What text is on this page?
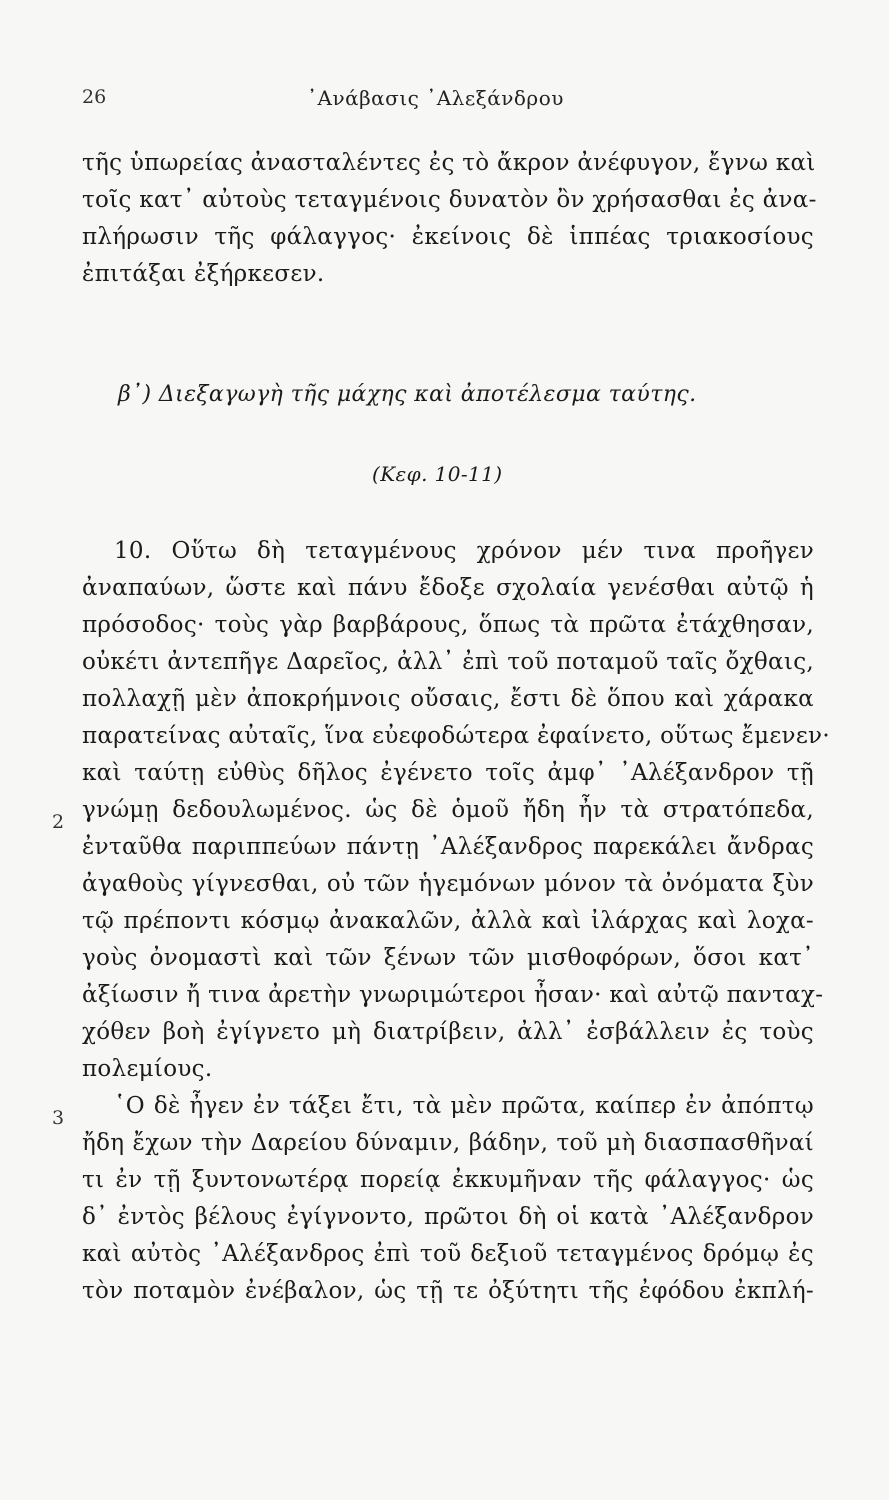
26	᾿Ανάβασις ᾿Αλεξάνδρου
τῆς ὑπωρείας ἀνασταλέντες ἐς τὸ ἄκρον ἀνέφυγον, ἔγνω καὶ
τοῖς κατ᾿ αὐτοὺς τεταγμένοις δυνατὸν ὂν χρήσασθαι ἐς ἀνα-
πλήρωσιν τῆς φάλαγγος· ἐκείνοις δὲ ἱππέας τριακοσίους
ἐπιτάξαι ἐξήρκεσεν.
β᾿) Διεξαγωγὴ τῆς μάχης καὶ ἀποτέλεσμα ταύτης.
(Κεφ. 10-11)
10. Οὕτω δὴ τεταγμένους χρόνον μέν τινα προῆγεν
ἀναπαύων, ὥστε καὶ πάνυ ἔδοξε σχολαία γενέσθαι αὐτῷ ἡ
πρόσοδος· τοὺς γὰρ βαρβάρους, ὅπως τὰ πρῶτα ἐτάχθησαν,
οὐκέτι ἀντεπῆγε Δαρεῖος, ἀλλ᾿ ἐπὶ τοῦ ποταμοῦ ταῖς ὄχθαις,
πολλαχῇ μὲν ἀποκρήμνοις οὔσαις, ἔστι δὲ ὅπου καὶ χάρακα
παρατείνας αὐταῖς, ἵνα εὐεφοδώτερα ἐφαίνετο, οὕτως ἔμενεν·
καὶ ταύτῃ εὐθὺς δῆλος ἐγένετο τοῖς ἀμφ᾿ ᾿Αλέξανδρον τῇ
γνώμῃ δεδουλωμένος. ὡς δὲ ὁμοῦ ἤδη ἦν τὰ στρατόπεδα,
ἐνταῦθα παριππεύων πάντῃ ᾿Αλέξανδρος παρεκάλει ἄνδρας
ἀγαθοὺς γίγνεσθαι, οὐ τῶν ἡγεμόνων μόνον τὰ ὀνόματα ξὺν
τῷ πρέποντι κόσμῳ ἀνακαλῶν, ἀλλὰ καὶ ἰλάρχας καὶ λοχα-
γοὺς ὀνομαστὶ καὶ τῶν ξένων τῶν μισθοφόρων, ὅσοι κατ᾿
ἀξίωσιν ἤ τινα ἀρετὴν γνωριμώτεροι ἦσαν· καὶ αὐτῷ πανταχ-
χόθεν βοὴ ἐγίγνετο μὴ διατρίβειν, ἀλλ᾿ ἐσβάλλειν ἐς τοὺς
πολεμίους.
῾Ο δὲ ἦγεν ἐν τάξει ἔτι, τὰ μὲν πρῶτα, καίπερ ἐν ἀπόπτῳ
ἤδη ἔχων τὴν Δαρείου δύναμιν, βάδην, τοῦ μὴ διασπασθῆναί
τι ἐν τῇ ξυντονωτέρᾳ πορείᾳ ἐκκυμῆναν τῆς φάλαγγος· ὡς
δ᾿ ἐντὸς βέλους ἐγίγνοντο, πρῶτοι δὴ οἱ κατὰ ᾿Αλέξανδρον
καὶ αὐτὸς ᾿Αλέξανδρος ἐπὶ τοῦ δεξιοῦ τεταγμένος δρόμῳ ἐς
τὸν ποταμὸν ἐνέβαλον, ὡς τῇ τε ὀξύτητι τῆς ἐφόδου ἐκπλή-
2
3
